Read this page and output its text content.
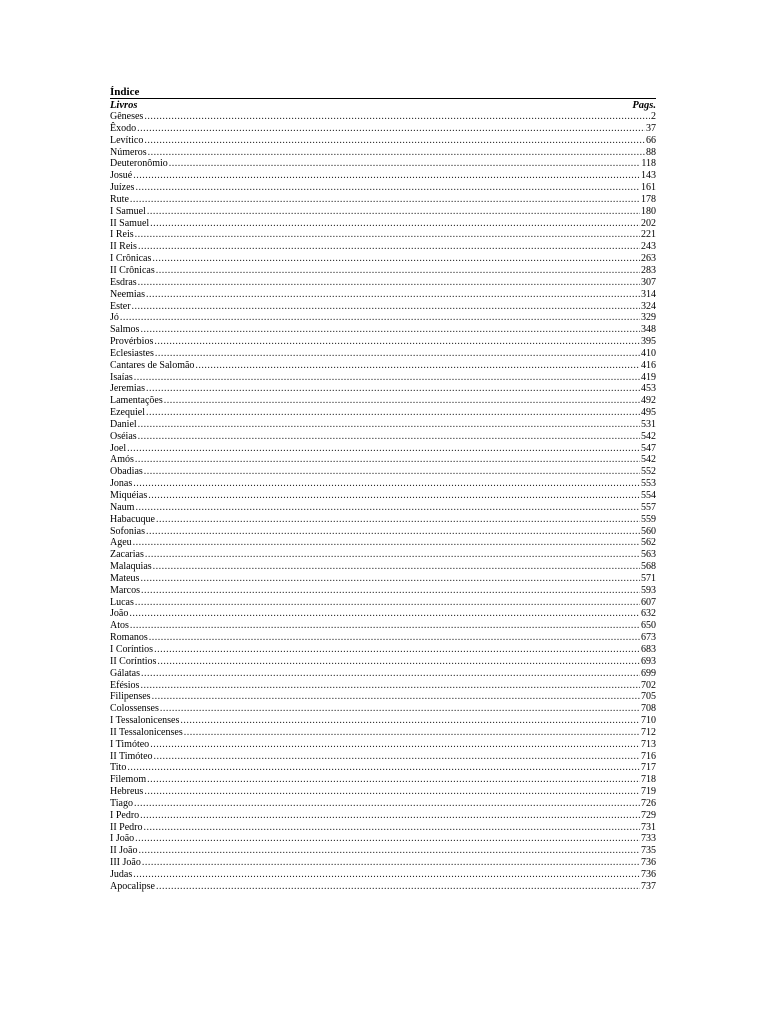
Índice
Livros	Pags.
Gêneses .....	2
Êxodo .....	37
Levítico .....	66
Números .....	88
Deuteronômio .....	118
Josué .....	143
Juízes .....	161
Rute .....	178
I Samuel .....	180
II Samuel .....	202
I Reis .....	221
II Reis .....	243
I Crônicas .....	263
II Crônicas .....	283
Esdras .....	307
Neemias .....	314
Ester .....	324
Jó .....	329
Salmos .....	348
Provérbios .....	395
Eclesiastes .....	410
Cantares de Salomão .....	416
Isaías .....	419
Jeremias .....	453
Lamentações .....	492
Ezequiel .....	495
Daniel .....	531
Oséias .....	542
Joel .....	547
Amós .....	542
Obadias .....	552
Jonas .....	553
Miquéias .....	554
Naum .....	557
Habacuque .....	559
Sofonias .....	560
Ageu .....	562
Zacarias .....	563
Malaquias .....	568
Mateus .....	571
Marcos .....	593
Lucas .....	607
João .....	632
Atos .....	650
Romanos .....	673
I Coríntios .....	683
II Coríntios .....	693
Gálatas .....	699
Efésios .....	702
Filipenses .....	705
Colossenses .....	708
I Tessalonicenses .....	710
II Tessalonicenses .....	712
I Timóteo .....	713
II Timóteo .....	716
Tito .....	717
Filemom .....	718
Hebreus .....	719
Tiago .....	726
I Pedro .....	729
II Pedro .....	731
I João .....	733
II João .....	735
III João .....	736
Judas .....	736
Apocalipse .....	737
